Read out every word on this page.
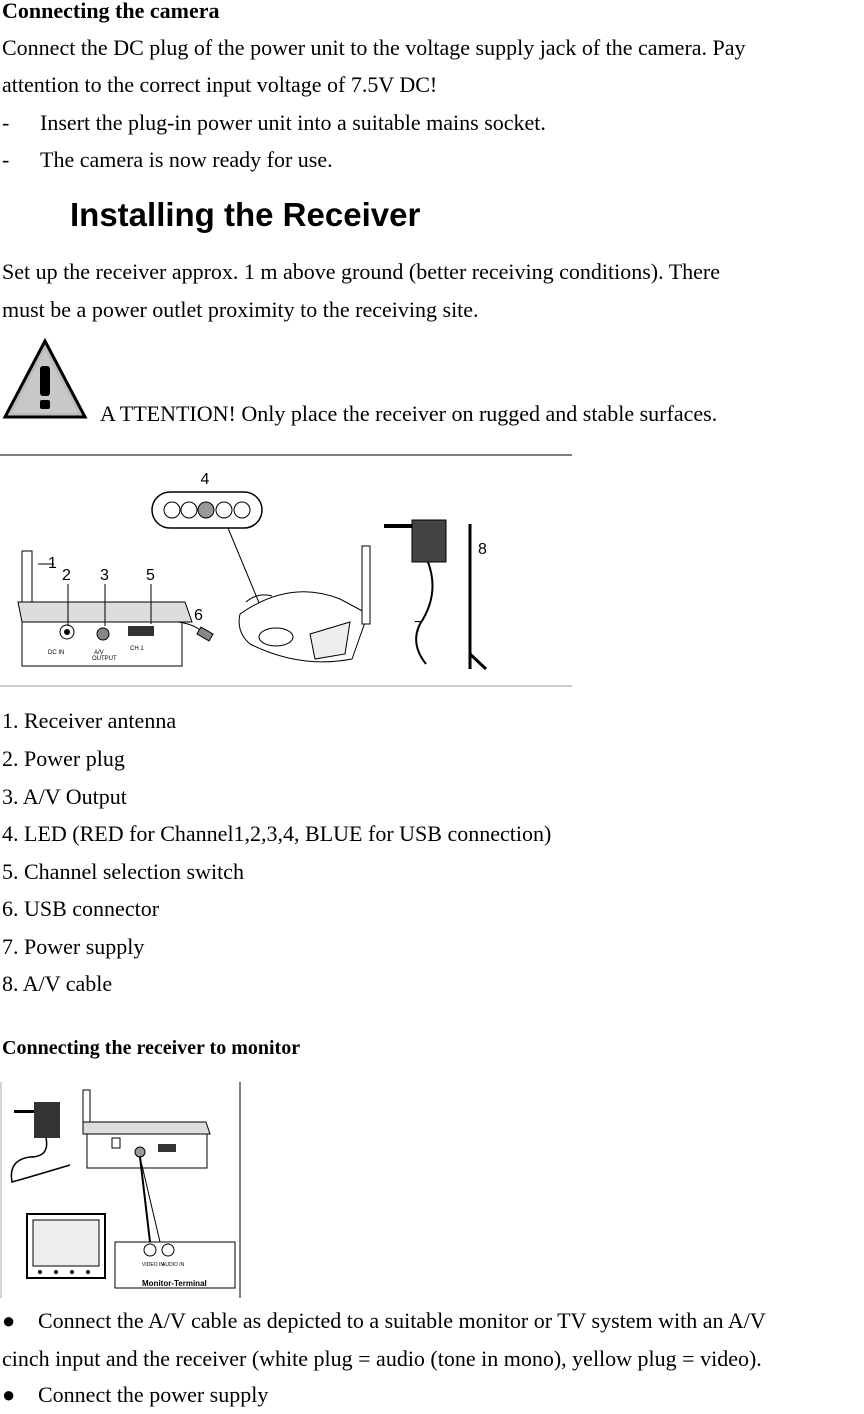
Connecting the camera
Connect the DC plug of the power unit to the voltage supply jack of the camera. Pay
attention to the correct input voltage of 7.5V DC!
- Insert the plug-in power unit into a suitable mains socket.
- The camera is now ready for use.
Installing the Receiver
Set up the receiver approx. 1 m above ground (better receiving conditions). There
must be a power outlet proximity to the receiving site.
A TTENTION! Only place the receiver on rugged and stable surfaces.
4
DC IN	A/V
OUTPUT
CH 1
1
2 3 5
6
7
8
1. Receiver antenna
2. Power plug
3. A/V Output
4. LED (RED for Channel1,2,3,4, BLUE for USB connection)
5. Channel selection switch
6. USB connector
7. Power supply
8. A/V cable
Connecting the receiver to monitor
VIDEO IN
AUDIO IN
Monitor-Terminal
● Connect the A/V cable as depicted to a suitable monitor or TV system with an A/V
cinch input and the receiver (white plug = audio (tone in mono), yellow plug = video).
● Connect the power supply
